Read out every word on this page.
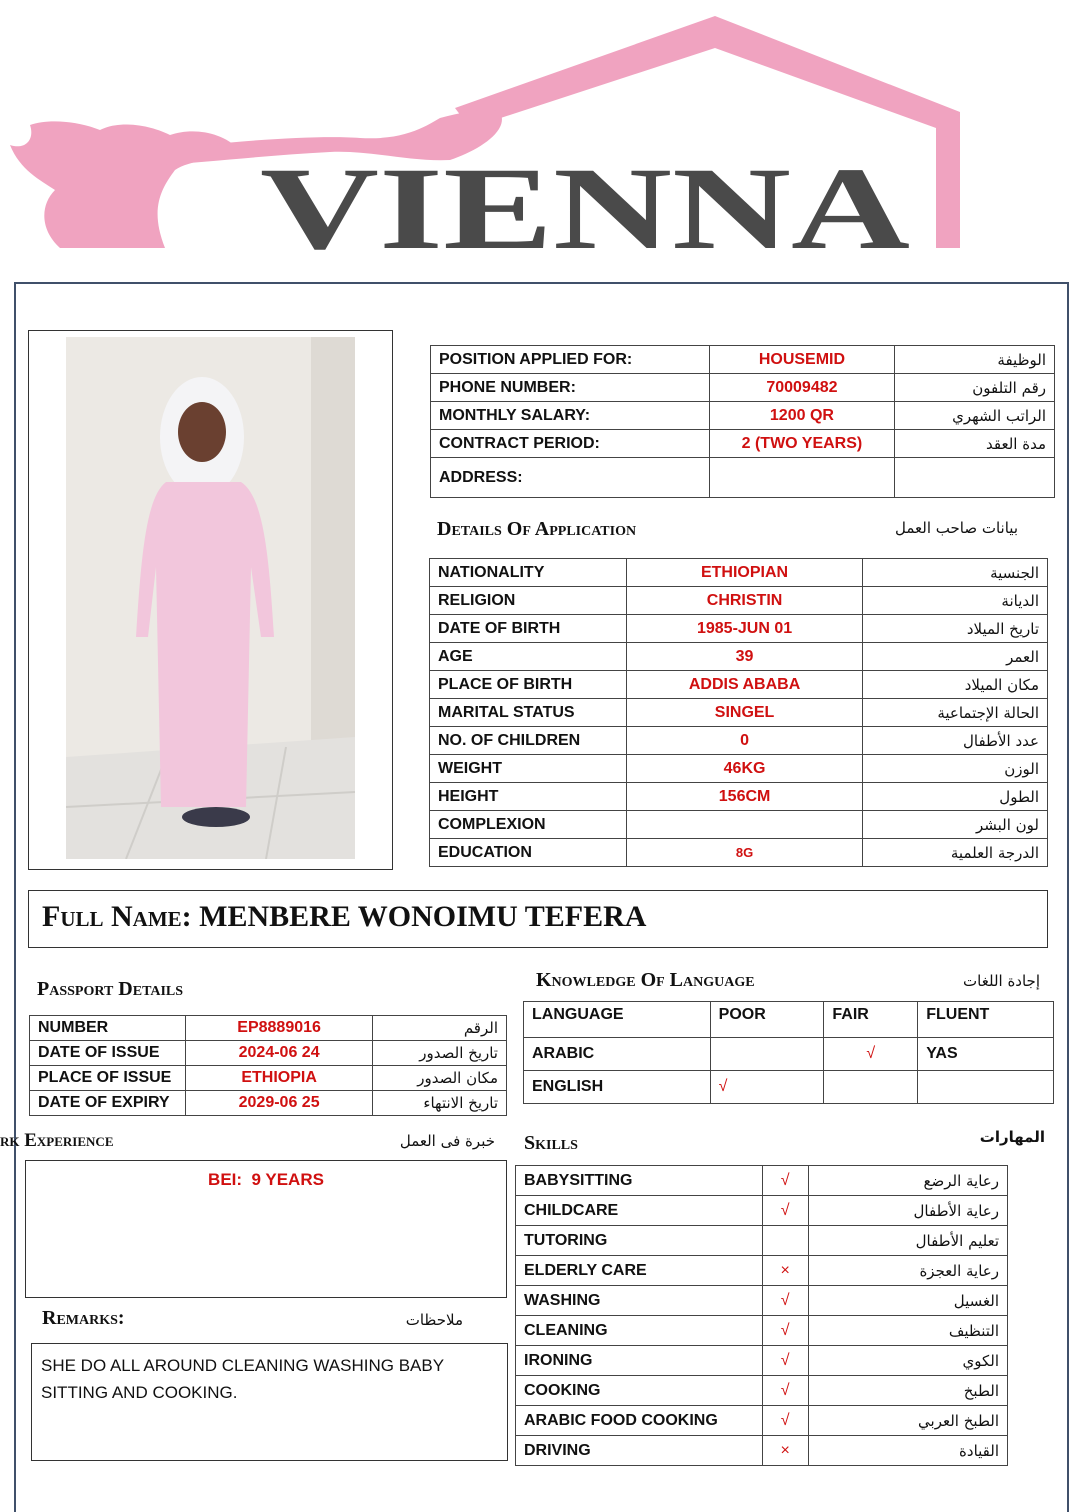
VIENNA
POSITION APPLIED FOR:	HOUSEMID	الوظيفة
PHONE NUMBER:	70009482	رقم التلفون
MONTHLY SALARY:	1200 QR	الراتب الشهري
CONTRACT PERIOD:	2 (TWO YEARS)	مدة العقد
ADDRESS:		
Details Of Application	بيانات صاحب العمل
NATIONALITY	ETHIOPIAN	الجنسية
RELIGION	CHRISTIN	الديانة
DATE OF BIRTH	1985-JUN 01	تاريخ الميلاد
AGE	39	العمر
PLACE OF BIRTH	ADDIS ABABA	مكان الميلاد
MARITAL STATUS	SINGEL	الحالة الإجتماعية
NO. OF CHILDREN	0	عدد الأطفال
WEIGHT	46KG	الوزن
HEIGHT	156CM	الطول
COMPLEXION		لون البشر
EDUCATION	8G	الدرجة العلمية
Full Name: MENBERE WONOIMU TEFERA
Passport Details
NUMBER	EP8889016	الرقم
DATE OF ISSUE	2024-06 24	تاريخ الصدور
PLACE OF ISSUE	ETHIOPIA	مكان الصدور
DATE OF EXPIRY	2029-06 25	تاريخ الانتهاء
Knowledge Of Language	إجادة اللغات
LANGUAGE	POOR	FAIR	FLUENT
ARABIC		√	YAS
ENGLISH	√		
rk Experience	خبرة فى العمل
BEI:  9 YEARS
Remarks:	ملاحظات
SHE DO ALL AROUND CLEANING WASHING BABY
SITTING AND COOKING.
Skills	المهارات
BABYSITTING	√	رعاية الرضع
CHILDCARE	√	رعاية الأطفال
TUTORING		تعليم الأطفال
ELDERLY CARE	×	رعاية العجزة
WASHING	√	الغسيل
CLEANING	√	التنظيف
IRONING	√	الكوي
COOKING	√	الطبخ
ARABIC FOOD COOKING	√	الطبخ العربي
DRIVING	×	القيادة
